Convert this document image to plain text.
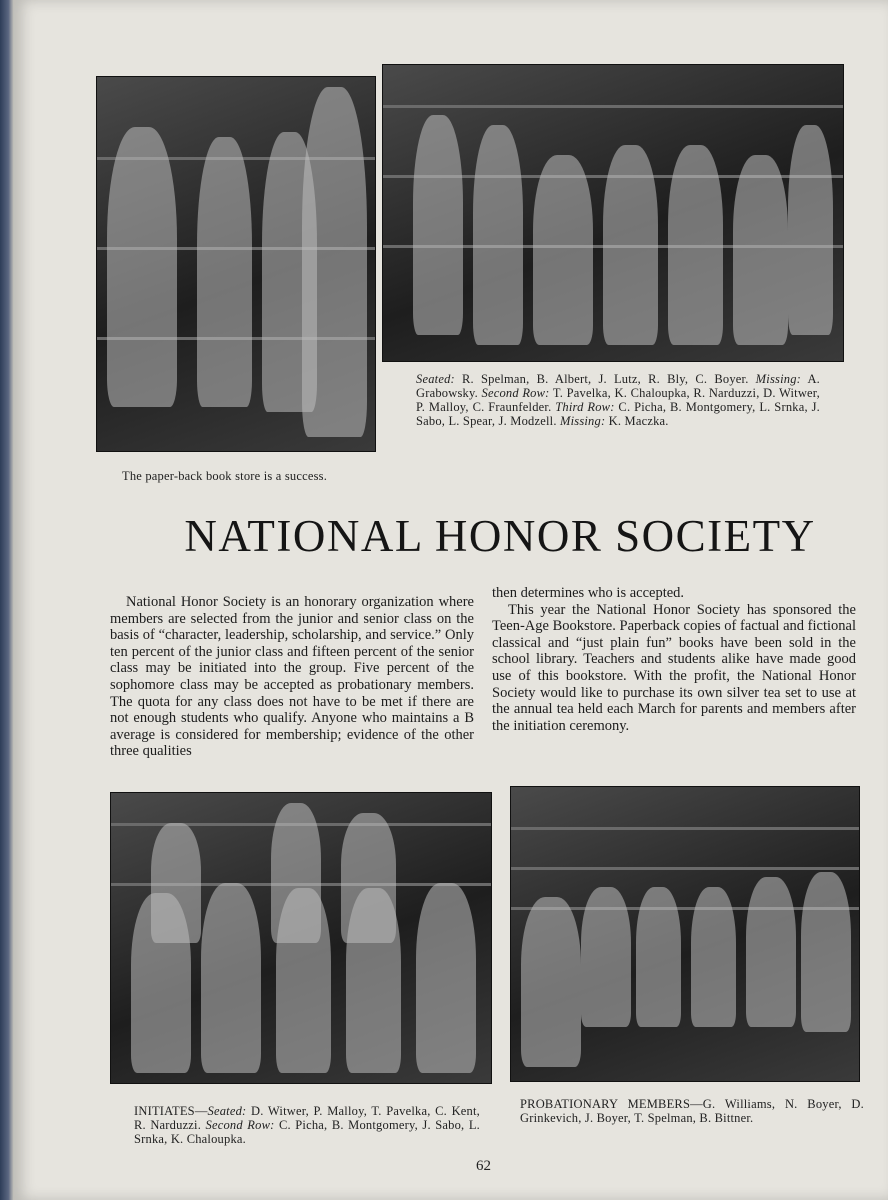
Seated: R. Spelman, B. Albert, J. Lutz, R. Bly, C. Boyer. Missing: A. Grabowsky. Second Row: T. Pavelka, K. Chaloupka, R. Narduzzi, D. Witwer, P. Malloy, C. Fraunfelder. Third Row: C. Picha, B. Montgomery, L. Srnka, J. Sabo, L. Spear, J. Modzell. Missing: K. Maczka.
The paper-back book store is a success.
NATIONAL HONOR SOCIETY

National Honor Society is an honorary organization where members are selected from the junior and senior class on the basis of “character, leadership, scholarship, and service.” Only ten percent of the junior class and fifteen percent of the senior class may be initiated into the group. Five percent of the sophomore class may be accepted as probationary members. The quota for any class does not have to be met if there are not enough students who qualify. Anyone who maintains a B average is considered for membership; evidence of the other three qualities

then determines who is accepted.

This year the National Honor Society has sponsored the Teen-Age Bookstore. Paperback copies of factual and fictional classical and “just plain fun” books have been sold in the school library. Teachers and students alike have made good use of this bookstore. With the profit, the National Honor Society would like to purchase its own silver tea set to use at the annual tea held each March for parents and members after the initiation ceremony.

INITIATES—Seated: D. Witwer, P. Malloy, T. Pavelka, C. Kent, R. Narduzzi. Second Row: C. Picha, B. Montgomery, J. Sabo, L. Srnka, K. Chaloupka.
PROBATIONARY MEMBERS—G. Williams, N. Boyer, D. Grinkevich, J. Boyer, T. Spelman, B. Bittner.
62
